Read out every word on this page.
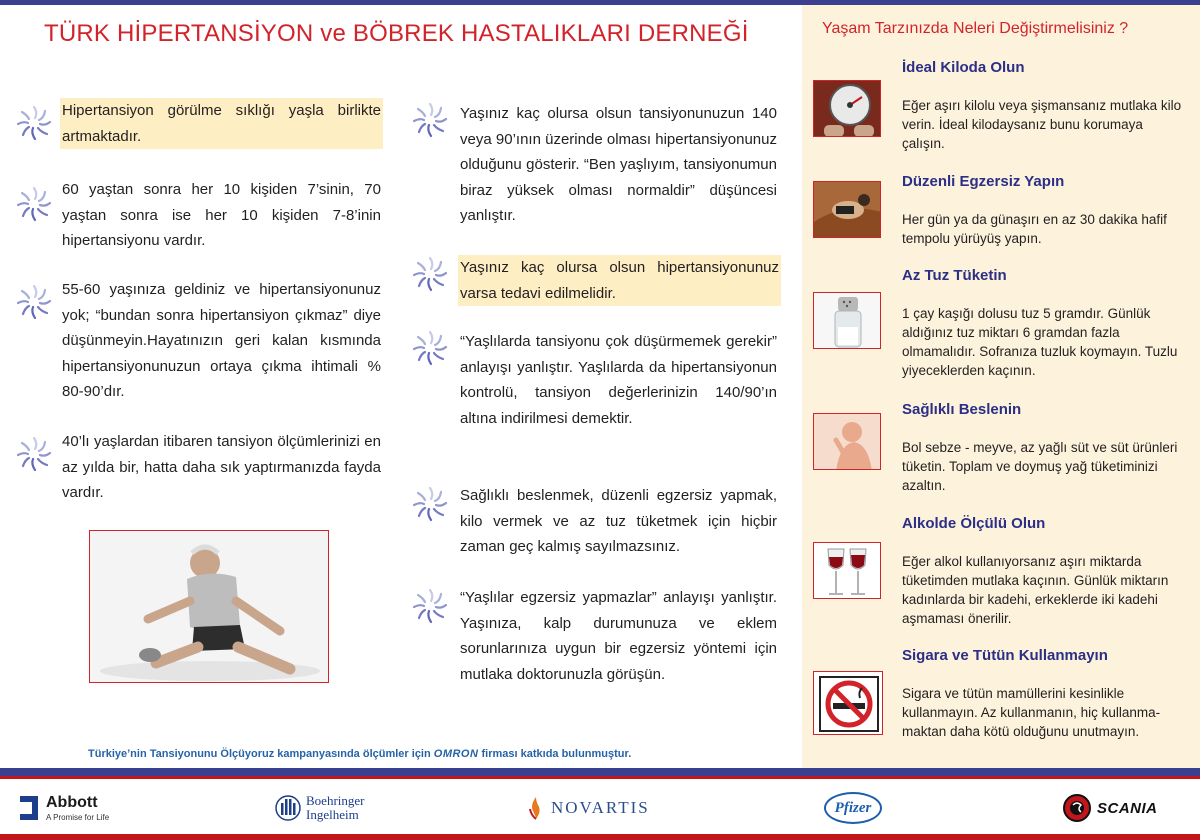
TÜRK HİPERTANSİYON ve BÖBREK HASTALIKLARI DERNEĞİ	Yaşam Tarzınızda Neleri Değiştirmelisiniz ?

Hipertansiyon görülme sıklığı yaşla birlikte artmaktadır.

60 yaştan sonra her 10 kişiden 7’sinin, 70 yaştan sonra ise her 10 kişiden 7-8’inin hipertansiyonu vardır.

55-60 yaşınıza geldiniz ve hipertansiyonunuz yok; “bundan sonra hipertansiyon çıkmaz” diye düşünmeyin.Hayatınızın geri kalan kısmında hipertansiyonunuzun ortaya çıkma ihtimali % 80-90’dır.

40’lı yaşlardan itibaren tansiyon ölçümlerinizi en az yılda bir, hatta daha sık yaptırmanızda fayda vardır.

Yaşınız kaç olursa olsun tansiyonunuzun 140 veya 90’ının üzerinde olması hipertansiyonunuz olduğunu gösterir. “Ben yaşlıyım, tansiyonumun biraz yüksek olması normaldir” düşüncesi yanlıştır.

Yaşınız kaç olursa olsun hipertansiyonunuz varsa tedavi edilmelidir.

“Yaşlılarda tansiyonu çok düşürmemek gerekir” anlayışı yanlıştır. Yaşlılarda da hipertansiyonun kontrolü, tansiyon değerlerinizin 140/90’ın altına indirilmesi demektir.

Sağlıklı beslenmek, düzenli egzersiz yapmak, kilo vermek ve az tuz tüketmek için hiçbir zaman geç kalmış sayılmazsınız.

“Yaşlılar egzersiz yapmazlar” anlayışı yanlıştır. Yaşınıza, kalp durumunuza ve eklem sorunlarınıza uygun bir egzersiz yöntemi için mutlaka doktorunuzla görüşün.

İdeal Kiloda Olun
Eğer aşırı kilolu veya şişmansanız mutlaka kilo verin. İdeal kilodaysanız bunu korumaya çalışın.
Düzenli Egzersiz Yapın
Her gün ya da günaşırı en az 30 dakika hafif tempolu yürüyüş yapın.
Az Tuz Tüketin
1 çay kaşığı dolusu tuz 5 gramdır. Günlük aldığınız tuz miktarı 6 gramdan fazla olmamalıdır. Sofranıza tuzluk koymayın. Tuzlu yiyeceklerden kaçının.
Sağlıklı Beslenin
Bol sebze - meyve, az yağlı süt ve süt ürünleri tüketin. Toplam ve doymuş yağ tüketiminizi azaltın.
Alkolde Ölçülü Olun
Eğer alkol kullanıyorsanız aşırı miktarda tüketimden mutlaka kaçının. Günlük miktarın kadınlarda bir kadehi, erkeklerde iki kadehi aşmaması önerilir.
Sigara ve Tütün Kullanmayın
Sigara ve tütün mamüllerini kesinlikle kullanmayın. Az kullanmanın, hiç kullanma-maktan daha kötü olduğunu unutmayın.
Türkiye’nin Tansiyonunu Ölçüyoruz kampanyasında ölçümler için OMRON firması katkıda bulunmuştur.
Abbott
A Promise for Life
Boehringer
Ingelheim	NOVARTIS	Pfizer	SCANIA
